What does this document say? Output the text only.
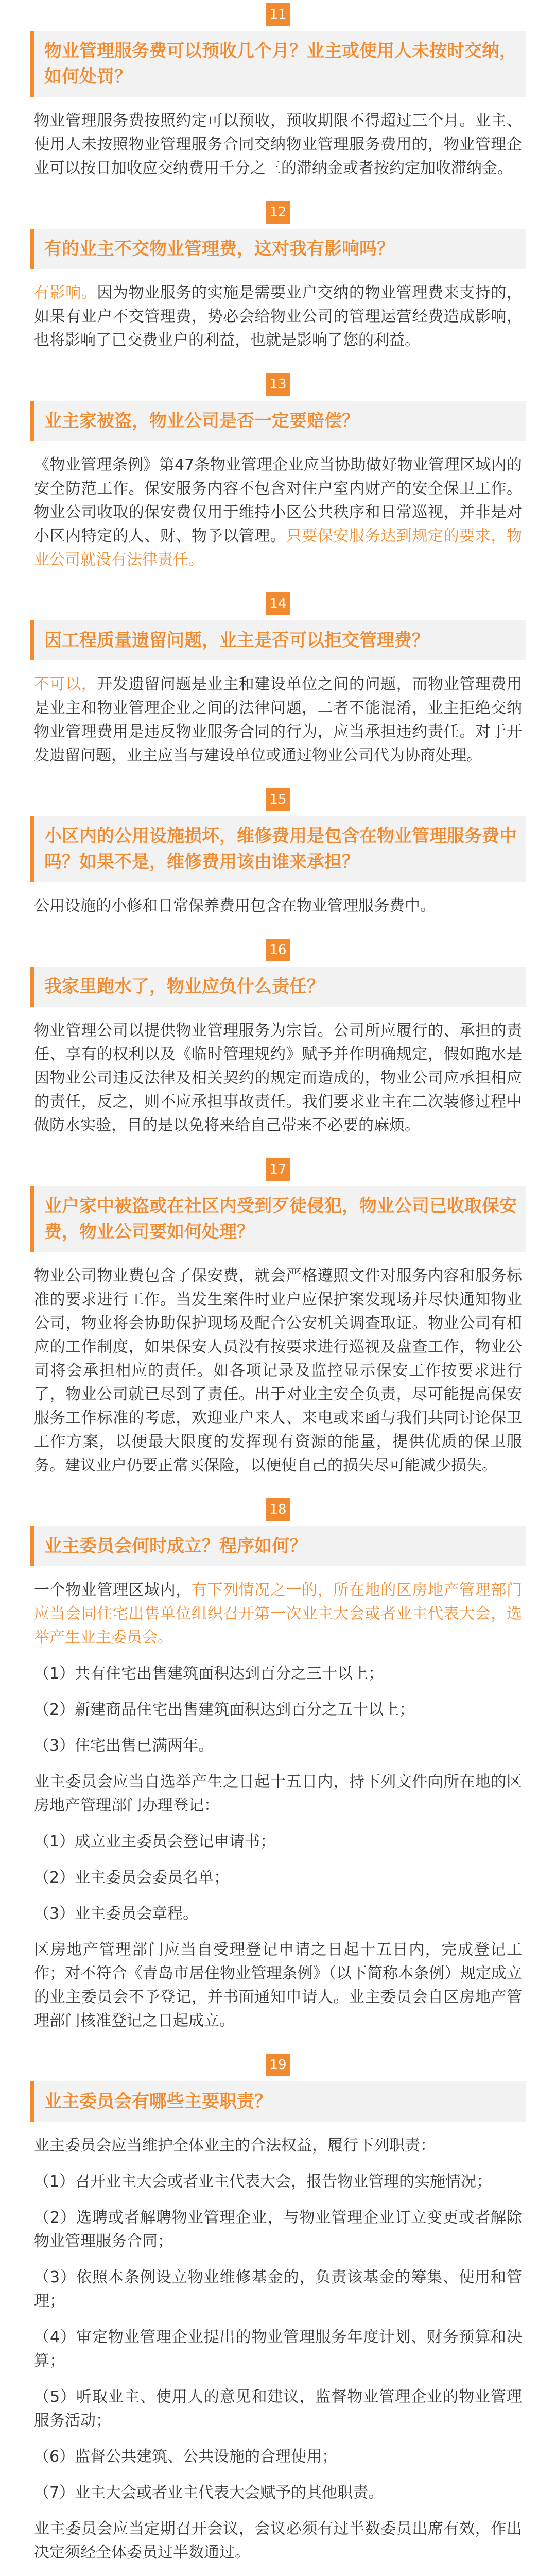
11
物业管理服务费可以预收几个月？业主或使用人未按时交纳，如何处罚？

物业管理服务费按照约定可以预收，预收期限不得超过三个月。业主、使用人未按照物业管理服务合同交纳物业管理服务费用的，物业管理企业可以按日加收应交纳费用千分之三的滞纳金或者按约定加收滞纳金。

12
有的业主不交物业管理费，这对我有影响吗？

有影响。因为物业服务的实施是需要业户交纳的物业管理费来支持的，如果有业户不交管理费，势必会给物业公司的管理运营经费造成影响，也将影响了已交费业户的利益，也就是影响了您的利益。

13
业主家被盗，物业公司是否一定要赔偿？

《物业管理条例》第47条物业管理企业应当协助做好物业管理区域内的安全防范工作。保安服务内容不包含对住户室内财产的安全保卫工作。物业公司收取的保安费仅用于维持小区公共秩序和日常巡视，并非是对小区内特定的人、财、物予以管理。只要保安服务达到规定的要求，物业公司就没有法律责任。

14
因工程质量遗留问题，业主是否可以拒交管理费？

不可以，开发遗留问题是业主和建设单位之间的问题，而物业管理费用是业主和物业管理企业之间的法律问题，二者不能混淆，业主拒绝交纳物业管理费用是违反物业服务合同的行为，应当承担违约责任。对于开发遗留问题，业主应当与建设单位或通过物业公司代为协商处理。

15
小区内的公用设施损坏，维修费用是包含在物业管理服务费中吗？如果不是，维修费用该由谁来承担？

公用设施的小修和日常保养费用包含在物业管理服务费中。

16
我家里跑水了，物业应负什么责任？

物业管理公司以提供物业管理服务为宗旨。公司所应履行的、承担的责任、享有的权利以及《临时管理规约》赋予并作明确规定，假如跑水是因物业公司违反法律及相关契约的规定而造成的，物业公司应承担相应的责任，反之，则不应承担事故责任。我们要求业主在二次装修过程中做防水实验，目的是以免将来给自己带来不必要的麻烦。

17
业户家中被盗或在社区内受到歹徒侵犯，物业公司已收取保安费，物业公司要如何处理？

物业公司物业费包含了保安费，就会严格遵照文件对服务内容和服务标准的要求进行工作。当发生案件时业户应保护案发现场并尽快通知物业公司，物业将会协助保护现场及配合公安机关调查取证。物业公司有相应的工作制度，如果保安人员没有按要求进行巡视及盘查工作，物业公司将会承担相应的责任。如各项记录及监控显示保安工作按要求进行了，物业公司就已尽到了责任。出于对业主安全负责，尽可能提高保安服务工作标准的考虑，欢迎业户来人、来电或来函与我们共同讨论保卫工作方案，以便最大限度的发挥现有资源的能量，提供优质的保卫服务。建议业户仍要正常买保险，以便使自己的损失尽可能减少损失。

18
业主委员会何时成立？程序如何？

一个物业管理区域内，有下列情况之一的，所在地的区房地产管理部门应当会同住宅出售单位组织召开第一次业主大会或者业主代表大会，选举产生业主委员会。

（1）共有住宅出售建筑面积达到百分之三十以上；

（2）新建商品住宅出售建筑面积达到百分之五十以上；

（3）住宅出售已满两年。

业主委员会应当自选举产生之日起十五日内，持下列文件向所在地的区房地产管理部门办理登记：

（1）成立业主委员会登记申请书；

（2）业主委员会委员名单；

（3）业主委员会章程。

区房地产管理部门应当自受理登记申请之日起十五日内，完成登记工作；对不符合《青岛市居住物业管理条例》（以下简称本条例）规定成立的业主委员会不予登记，并书面通知申请人。业主委员会自区房地产管理部门核准登记之日起成立。

19
业主委员会有哪些主要职责？

业主委员会应当维护全体业主的合法权益，履行下列职责：

（1）召开业主大会或者业主代表大会，报告物业管理的实施情况；

（2）选聘或者解聘物业管理企业，与物业管理企业订立变更或者解除物业管理服务合同；

（3）依照本条例设立物业维修基金的，负责该基金的筹集、使用和管理；

（4）审定物业管理企业提出的物业管理服务年度计划、财务预算和决算；

（5）听取业主、使用人的意见和建议，监督物业管理企业的物业管理服务活动；

（6）监督公共建筑、公共设施的合理使用；

（7）业主大会或者业主代表大会赋予的其他职责。

业主委员会应当定期召开会议，会议必须有过半数委员出席有效，作出决定须经全体委员过半数通过。
